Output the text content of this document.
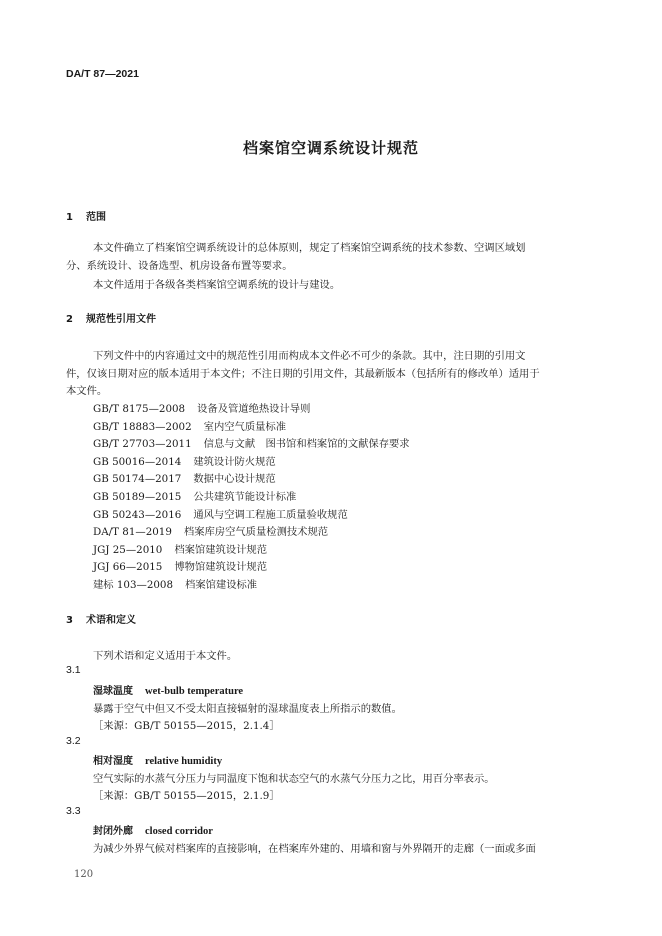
DA/T 87—2021
档案馆空调系统设计规范
1 范围
本文件确立了档案馆空调系统设计的总体原则，规定了档案馆空调系统的技术参数、空调区域划
分、系统设计、设备选型、机房设备布置等要求。
本文件适用于各级各类档案馆空调系统的设计与建设。
2 规范性引用文件
下列文件中的内容通过文中的规范性引用而构成本文件必不可少的条款。其中，注日期的引用文
件，仅该日期对应的版本适用于本文件；不注日期的引用文件，其最新版本（包括所有的修改单）适用于
本文件。
GB/T 8175—2008 设备及管道绝热设计导则
GB/T 18883—2002 室内空气质量标准
GB/T 27703—2011 信息与文献　图书馆和档案馆的文献保存要求
GB 50016—2014 建筑设计防火规范
GB 50174—2017 数据中心设计规范
GB 50189—2015 公共建筑节能设计标准
GB 50243—2016 通风与空调工程施工质量验收规范
DA/T 81—2019 档案库房空气质量检测技术规范
JGJ 25—2010 档案馆建筑设计规范
JGJ 66—2015 博物馆建筑设计规范
建标 103—2008 档案馆建设标准
3 术语和定义
下列术语和定义适用于本文件。
3.1
湿球温度 wet-bulb temperature
暴露于空气中但又不受太阳直接辐射的湿球温度表上所指示的数值。
［来源：GB/T 50155—2015，2.1.4］
3.2
相对湿度 relative humidity
空气实际的水蒸气分压力与同温度下饱和状态空气的水蒸气分压力之比，用百分率表示。
［来源：GB/T 50155—2015，2.1.9］
3.3
封闭外廊 closed corridor
为减少外界气候对档案库的直接影响，在档案库外建的、用墙和窗与外界隔开的走廊（一面或多面
120
